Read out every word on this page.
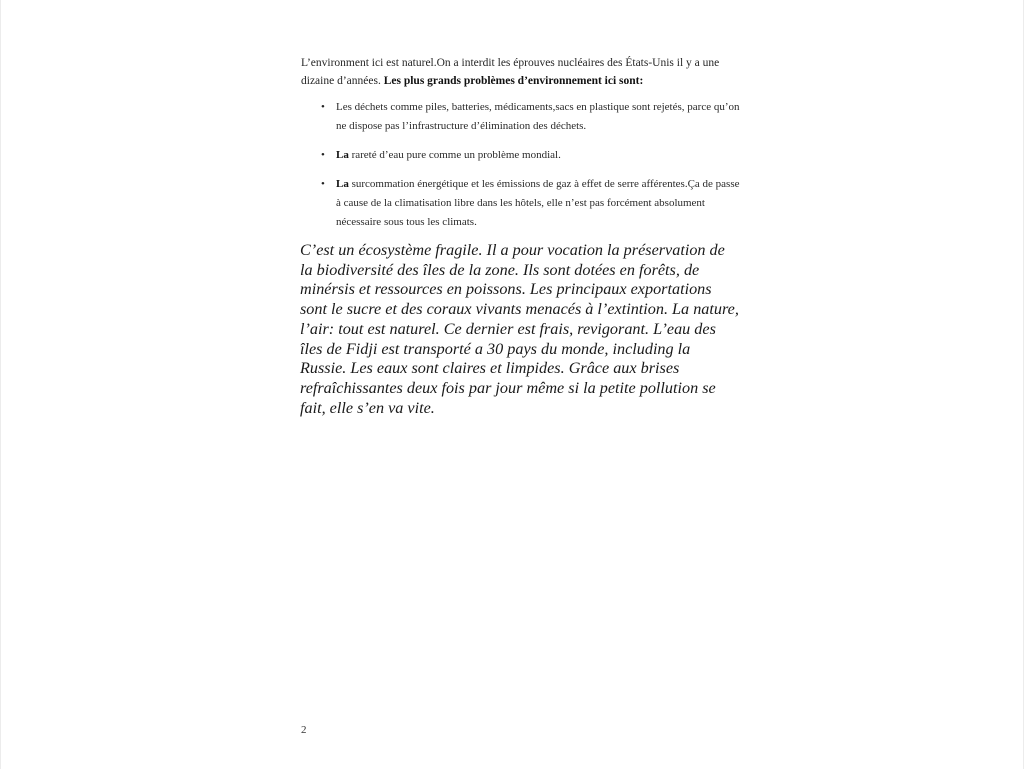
L’environment ici est naturel.On a interdit les éprouves nucléaires des États-Unis il y a une dizaine d’années. Les plus grands problèmes d’environnement ici sont:

• Les déchets comme piles, batteries, médicaments,sacs en plastique sont rejetés, parce qu’on ne dispose pas l’infrastructure d’élimination des déchets.
• La rareté d’eau pure comme un problème mondial.
• La surcommation énergétique et les émissions de gaz à effet de serre afférentes.Ça de passe à cause de la climatisation libre dans les hôtels, elle n’est pas forcément absolument nécessaire sous tous les climats.

C’est un écosystème fragile. Il a pour vocation la préservation de la biodiversité des îles de la zone. Ils sont dotées en forêts, de minérsis et ressources en poissons. Les principaux exportations sont le sucre et des coraux vivants menacés à l’extintion. La nature, l’air: tout est naturel. Ce dernier est frais, revigorant. L’eau des îles de Fidji est transporté a 30 pays du monde, including la Russie. Les eaux sont claires et limpides. Grâce aux brises refraîchissantes deux fois par jour même si la petite pollution se fait, elle s’en va vite.

2
